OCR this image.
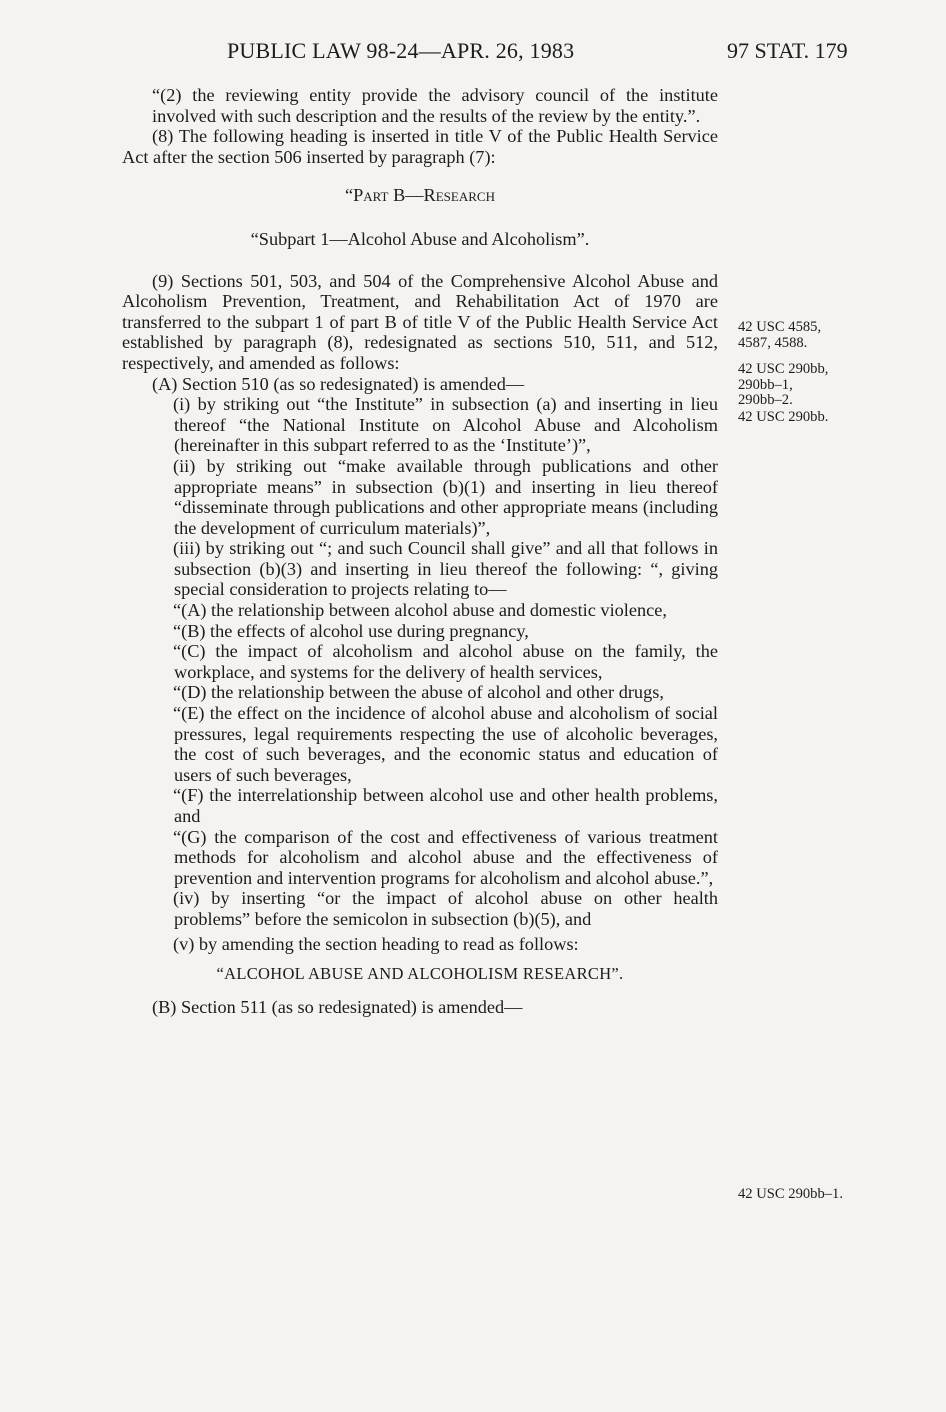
PUBLIC LAW 98-24—APR. 26, 1983	97 STAT. 179

“(2) the reviewing entity provide the advisory council of the institute involved with such description and the results of the review by the entity.”.

(8) The following heading is inserted in title V of the Public Health Service Act after the section 506 inserted by paragraph (7):

“Part B—Research

“Subpart 1—Alcohol Abuse and Alcoholism”.

(9) Sections 501, 503, and 504 of the Comprehensive Alcohol Abuse and Alcoholism Prevention, Treatment, and Rehabilitation Act of 1970 are transferred to the subpart 1 of part B of title V of the Public Health Service Act established by paragraph (8), redesignated as sections 510, 511, and 512, respectively, and amended as follows:

(A) Section 510 (as so redesignated) is amended—

(i) by striking out “the Institute” in subsection (a) and inserting in lieu thereof “the National Institute on Alcohol Abuse and Alcoholism (hereinafter in this subpart referred to as the ‘Institute’)”,

(ii) by striking out “make available through publications and other appropriate means” in subsection (b)(1) and inserting in lieu thereof “disseminate through publications and other appropriate means (including the development of curriculum materials)”,

(iii) by striking out “; and such Council shall give” and all that follows in subsection (b)(3) and inserting in lieu thereof the following: “, giving special consideration to projects relating to—

“(A) the relationship between alcohol abuse and domestic violence,

“(B) the effects of alcohol use during pregnancy,

“(C) the impact of alcoholism and alcohol abuse on the family, the workplace, and systems for the delivery of health services,

“(D) the relationship between the abuse of alcohol and other drugs,

“(E) the effect on the incidence of alcohol abuse and alcoholism of social pressures, legal requirements respecting the use of alcoholic beverages, the cost of such beverages, and the economic status and education of users of such beverages,

“(F) the interrelationship between alcohol use and other health problems, and

“(G) the comparison of the cost and effectiveness of various treatment methods for alcoholism and alcohol abuse and the effectiveness of prevention and intervention programs for alcoholism and alcohol abuse.”,

(iv) by inserting “or the impact of alcohol abuse on other health problems” before the semicolon in subsection (b)(5), and

(v) by amending the section heading to read as follows:

“ALCOHOL ABUSE AND ALCOHOLISM RESEARCH”.

(B) Section 511 (as so redesignated) is amended—

42 USC 4585,
4587, 4588.
42 USC 290bb,
290bb–1,
290bb–2.
42 USC 290bb.
42 USC 290bb–1.
